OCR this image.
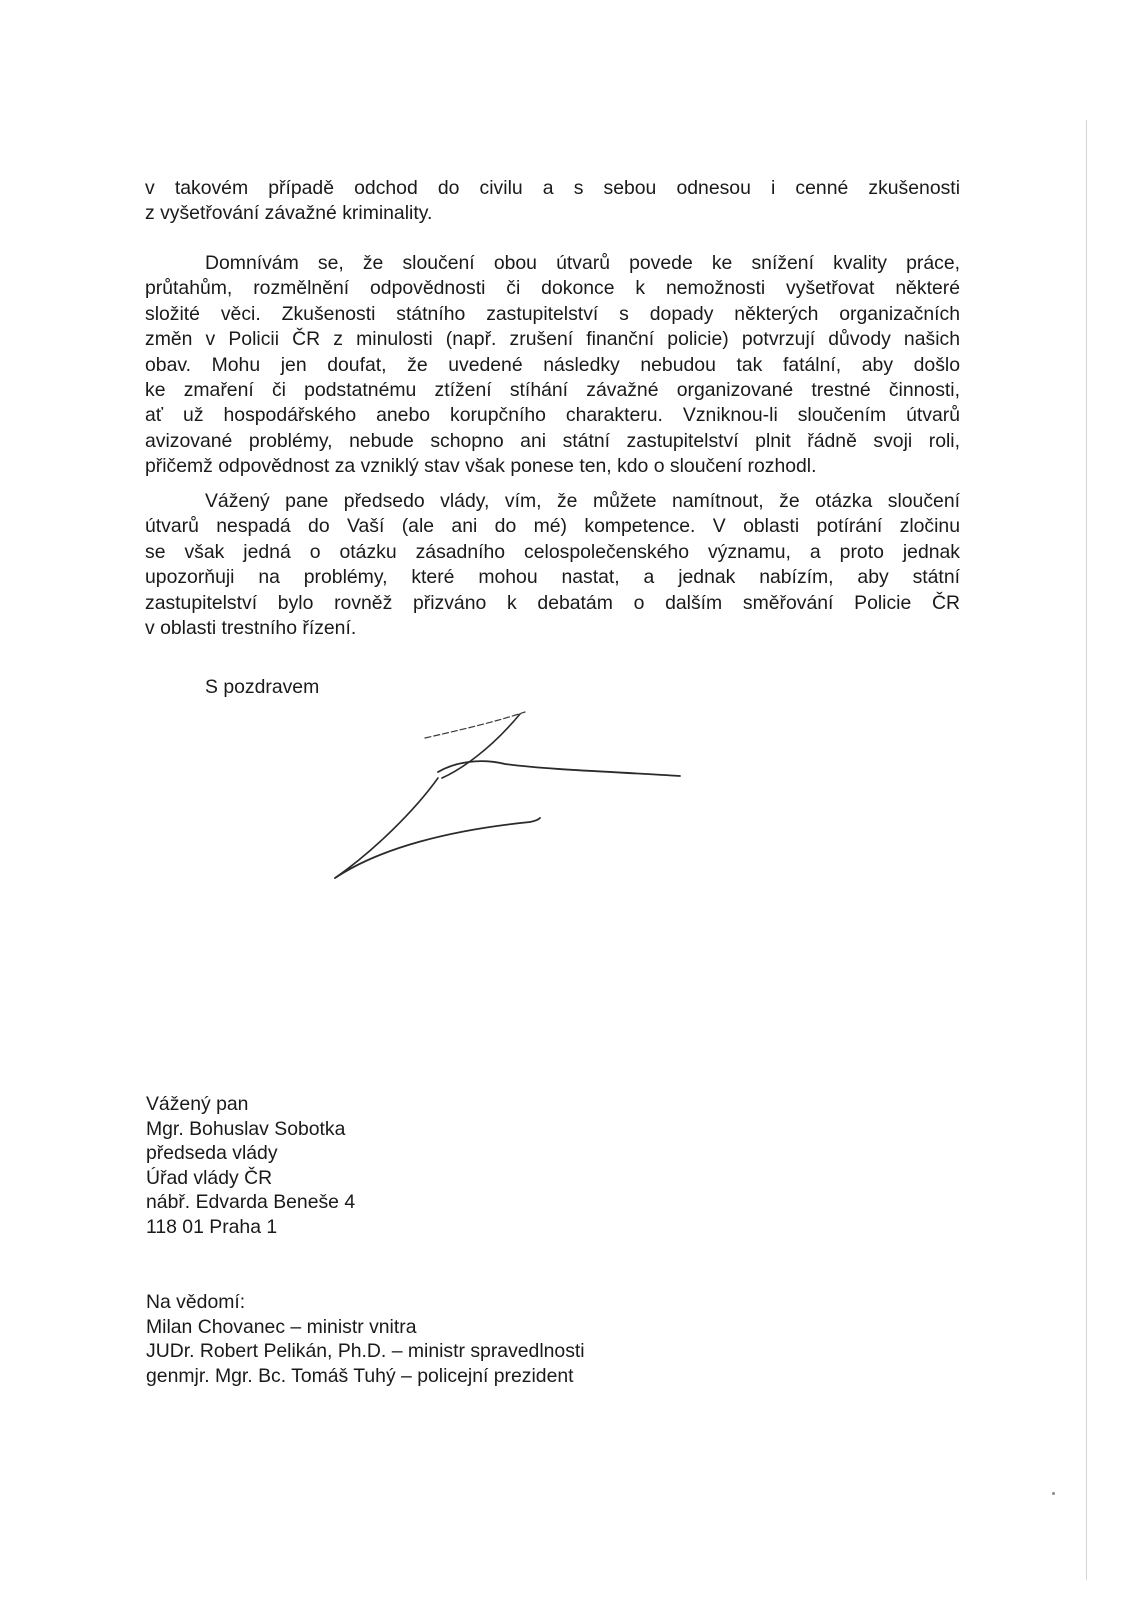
v takovém případě odchod do civilu a s sebou odnesou i cenné zkušenosti
z vyšetřování závažné kriminality.
Domnívám se, že sloučení obou útvarů povede ke snížení kvality práce,
průtahům, rozmělnění odpovědnosti či dokonce k nemožnosti vyšetřovat některé
složité věci. Zkušenosti státního zastupitelství s dopady některých organizačních
změn v Policii ČR z minulosti (např. zrušení finanční policie) potvrzují důvody našich
obav. Mohu jen doufat, že uvedené následky nebudou tak fatální, aby došlo
ke zmaření či podstatnému ztížení stíhání závažné organizované trestné činnosti,
ať už hospodářského anebo korupčního charakteru. Vzniknou-li sloučením útvarů
avizované problémy, nebude schopno ani státní zastupitelství plnit řádně svoji roli,
přičemž odpovědnost za vzniklý stav však ponese ten, kdo o sloučení rozhodl.
Vážený pane předsedo vlády, vím, že můžete namítnout, že otázka sloučení
útvarů nespadá do Vaší (ale ani do mé) kompetence. V oblasti potírání zločinu
se však jedná o otázku zásadního celospolečenského významu, a proto jednak
upozorňuji na problémy, které mohou nastat, a jednak nabízím, aby státní
zastupitelství bylo rovněž přizváno k debatám o dalším směřování Policie ČR
v oblasti trestního řízení.
S pozdravem
Vážený pan
Mgr. Bohuslav Sobotka
předseda vlády
Úřad vlády ČR
nábř. Edvarda Beneše 4
118 01 Praha 1
Na vědomí:
Milan Chovanec – ministr vnitra
JUDr. Robert Pelikán, Ph.D. – ministr spravedlnosti
genmjr. Mgr. Bc. Tomáš Tuhý – policejní prezident
